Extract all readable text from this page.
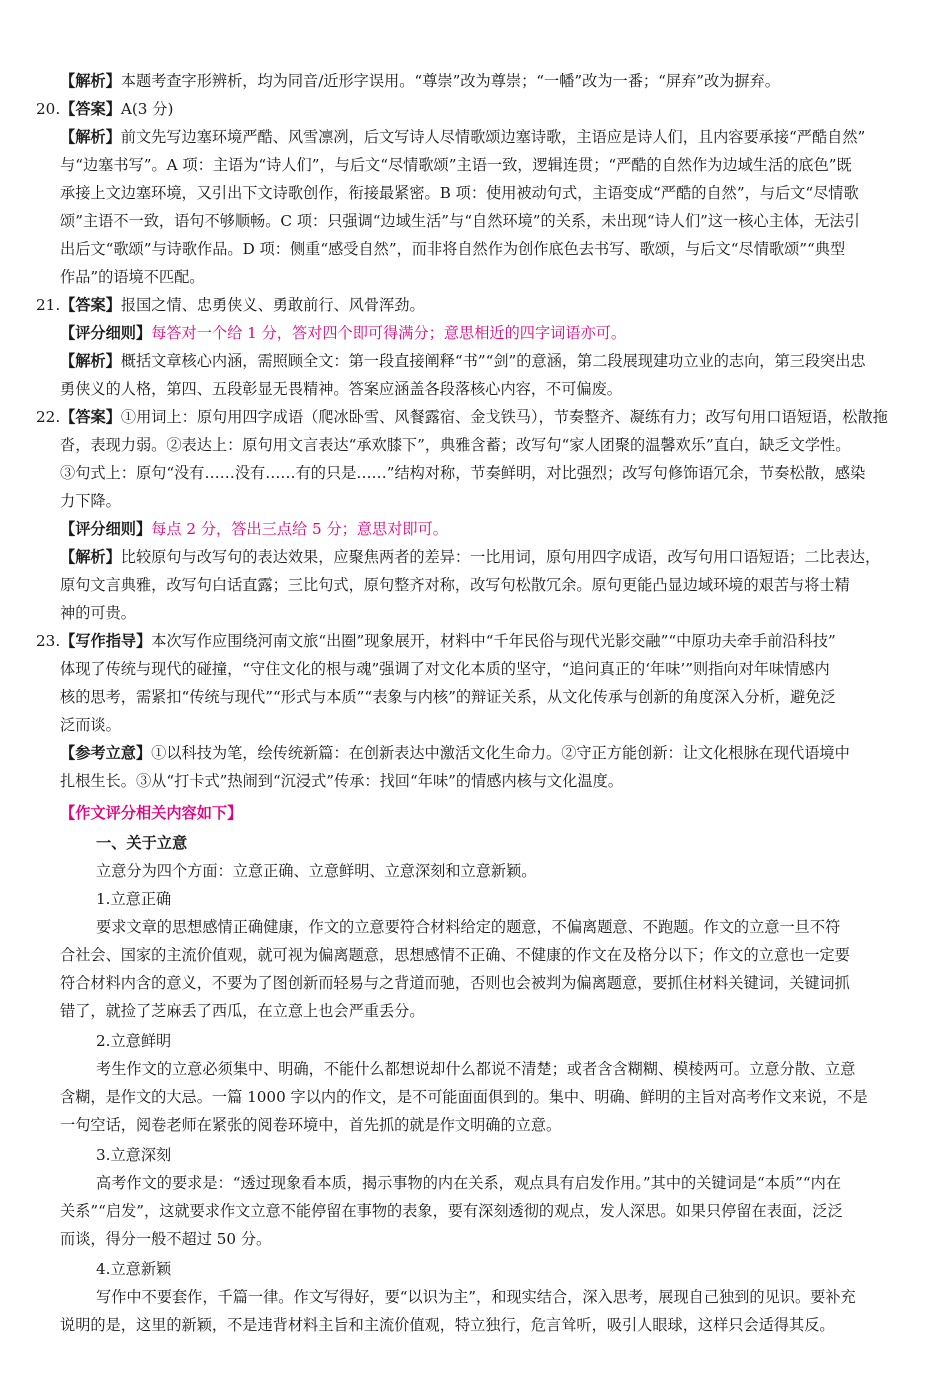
【解析】本题考查字形辨析，均为同音/近形字误用。“尊崇”改为尊崇；“一幡”改为一番；“屏弃”改为摒弃。
20.【答案】A(3 分)
【解析】前文先写边塞环境严酷、风雪凛冽，后文写诗人尽情歌颂边塞诗歌，主语应是诗人们，且内容要承接“严酷自然”
与“边塞书写”。A 项：主语为“诗人们”，与后文“尽情歌颂”主语一致，逻辑连贯；“严酷的自然作为边域生活的底色”既
承接上文边塞环境，又引出下文诗歌创作，衔接最紧密。B 项：使用被动句式，主语变成“严酷的自然”，与后文“尽情歌
颂”主语不一致，语句不够顺畅。C 项：只强调“边域生活”与“自然环境”的关系，未出现“诗人们”这一核心主体，无法引
出后文“歌颂”与诗歌作品。D 项：侧重“感受自然”，而非将自然作为创作底色去书写、歌颂，与后文“尽情歌颂”“典型
作品”的语境不匹配。
21.【答案】报国之情、忠勇侠义、勇敢前行、风骨浑劲。
【评分细则】每答对一个给 1 分，答对四个即可得满分；意思相近的四字词语亦可。
【解析】概括文章核心内涵，需照顾全文：第一段直接阐释“书”“剑”的意涵，第二段展现建功立业的志向，第三段突出忠
勇侠义的人格，第四、五段彰显无畏精神。答案应涵盖各段落核心内容，不可偏废。
22.【答案】①用词上：原句用四字成语（爬冰卧雪、风餐露宿、金戈铁马），节奏整齐、凝练有力；改写句用口语短语，松散拖
沓，表现力弱。②表达上：原句用文言表达“承欢膝下”，典雅含蓄；改写句“家人团聚的温馨欢乐”直白，缺乏文学性。
③句式上：原句“没有……没有……有的只是……”结构对称，节奏鲜明，对比强烈；改写句修饰语冗余，节奏松散，感染
力下降。
【评分细则】每点 2 分，答出三点给 5 分；意思对即可。
【解析】比较原句与改写句的表达效果，应聚焦两者的差异：一比用词，原句用四字成语，改写句用口语短语；二比表达，
原句文言典雅，改写句白话直露；三比句式，原句整齐对称，改写句松散冗余。原句更能凸显边域环境的艰苦与将士精
神的可贵。
23.【写作指导】本次写作应围绕河南文旅“出圈”现象展开，材料中“千年民俗与现代光影交融”“中原功夫牵手前沿科技”
体现了传统与现代的碰撞，“守住文化的根与魂”强调了对文化本质的坚守，“追问真正的‘年味’”则指向对年味情感内
核的思考，需紧扣“传统与现代”“形式与本质”“表象与内核”的辩证关系，从文化传承与创新的角度深入分析，避免泛
泛而谈。
【参考立意】①以科技为笔，绘传统新篇：在创新表达中激活文化生命力。②守正方能创新：让文化根脉在现代语境中
扎根生长。③从“打卡式”热闹到“沉浸式”传承：找回“年味”的情感内核与文化温度。
【作文评分相关内容如下】
一、关于立意
立意分为四个方面：立意正确、立意鲜明、立意深刻和立意新颖。
1.立意正确
要求文章的思想感情正确健康，作文的立意要符合材料给定的题意，不偏离题意、不跑题。作文的立意一旦不符
合社会、国家的主流价值观，就可视为偏离题意，思想感情不正确、不健康的作文在及格分以下；作文的立意也一定要
符合材料内含的意义，不要为了图创新而轻易与之背道而驰，否则也会被判为偏离题意，要抓住材料关键词，关键词抓
错了，就捡了芝麻丢了西瓜，在立意上也会严重丢分。
2.立意鲜明
考生作文的立意必须集中、明确，不能什么都想说却什么都说不清楚；或者含含糊糊、模棱两可。立意分散、立意
含糊，是作文的大忌。一篇 1000 字以内的作文，是不可能面面俱到的。集中、明确、鲜明的主旨对高考作文来说，不是
一句空话，阅卷老师在紧张的阅卷环境中，首先抓的就是作文明确的立意。
3.立意深刻
高考作文的要求是：“透过现象看本质，揭示事物的内在关系，观点具有启发作用。”其中的关键词是“本质”“内在
关系”“启发”，这就要求作文立意不能停留在事物的表象，要有深刻透彻的观点，发人深思。如果只停留在表面，泛泛
而谈，得分一般不超过 50 分。
4.立意新颖
写作中不要套作，千篇一律。作文写得好，要“以识为主”，和现实结合，深入思考，展现自己独到的见识。要补充
说明的是，这里的新颖，不是违背材料主旨和主流价值观，特立独行，危言耸听，吸引人眼球，这样只会适得其反。
